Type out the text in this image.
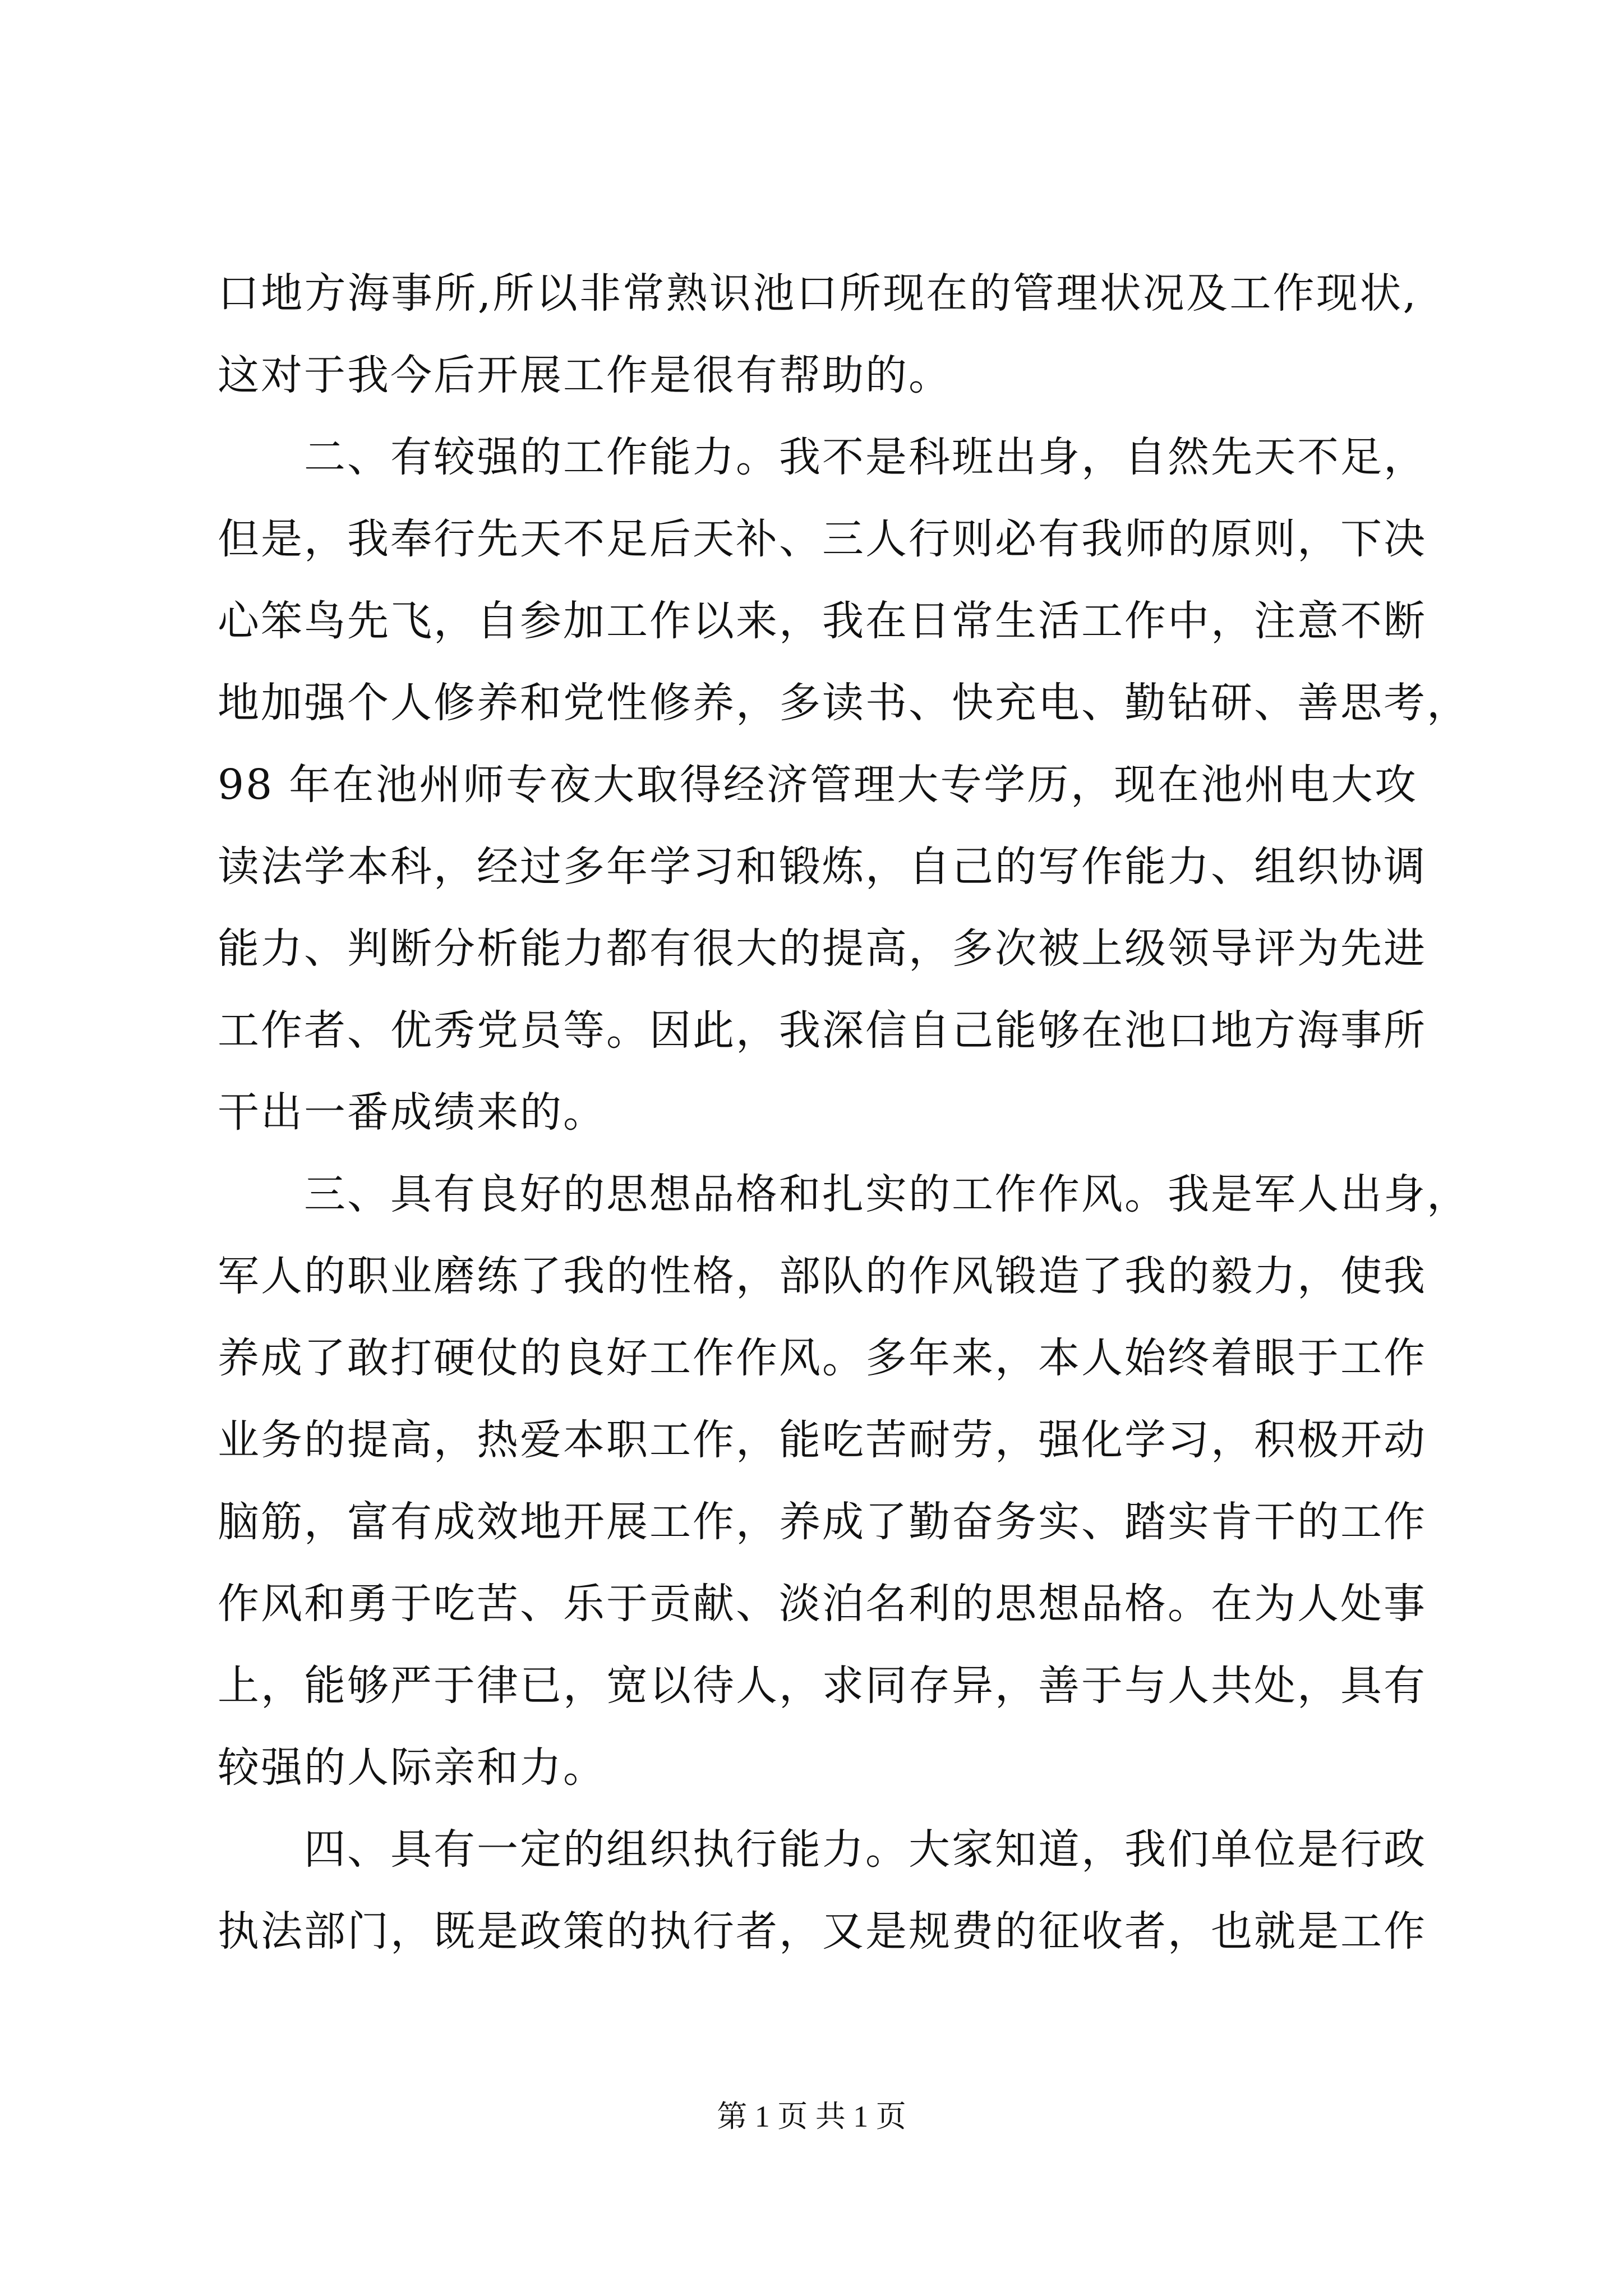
口地方海事所,所以非常熟识池口所现在的管理状况及工作现状,
这对于我今后开展工作是很有帮助的。
　　二、有较强的工作能力。我不是科班出身，自然先天不足，
但是，我奉行先天不足后天补、三人行则必有我师的原则，下决
心笨鸟先飞，自参加工作以来，我在日常生活工作中，注意不断
地加强个人修养和党性修养，多读书、快充电、勤钻研、善思考，
98 年在池州师专夜大取得经济管理大专学历，现在池州电大攻
读法学本科，经过多年学习和锻炼，自己的写作能力、组织协调
能力、判断分析能力都有很大的提高，多次被上级领导评为先进
工作者、优秀党员等。因此，我深信自己能够在池口地方海事所
干出一番成绩来的。
　　三、具有良好的思想品格和扎实的工作作风。我是军人出身，
军人的职业磨练了我的性格，部队的作风锻造了我的毅力，使我
养成了敢打硬仗的良好工作作风。多年来，本人始终着眼于工作
业务的提高，热爱本职工作，能吃苦耐劳，强化学习，积极开动
脑筋，富有成效地开展工作，养成了勤奋务实、踏实肯干的工作
作风和勇于吃苦、乐于贡献、淡泊名利的思想品格。在为人处事
上，能够严于律已，宽以待人，求同存异，善于与人共处，具有
较强的人际亲和力。
　　四、具有一定的组织执行能力。大家知道，我们单位是行政
执法部门，既是政策的执行者，又是规费的征收者，也就是工作
第 1 页 共 1 页
